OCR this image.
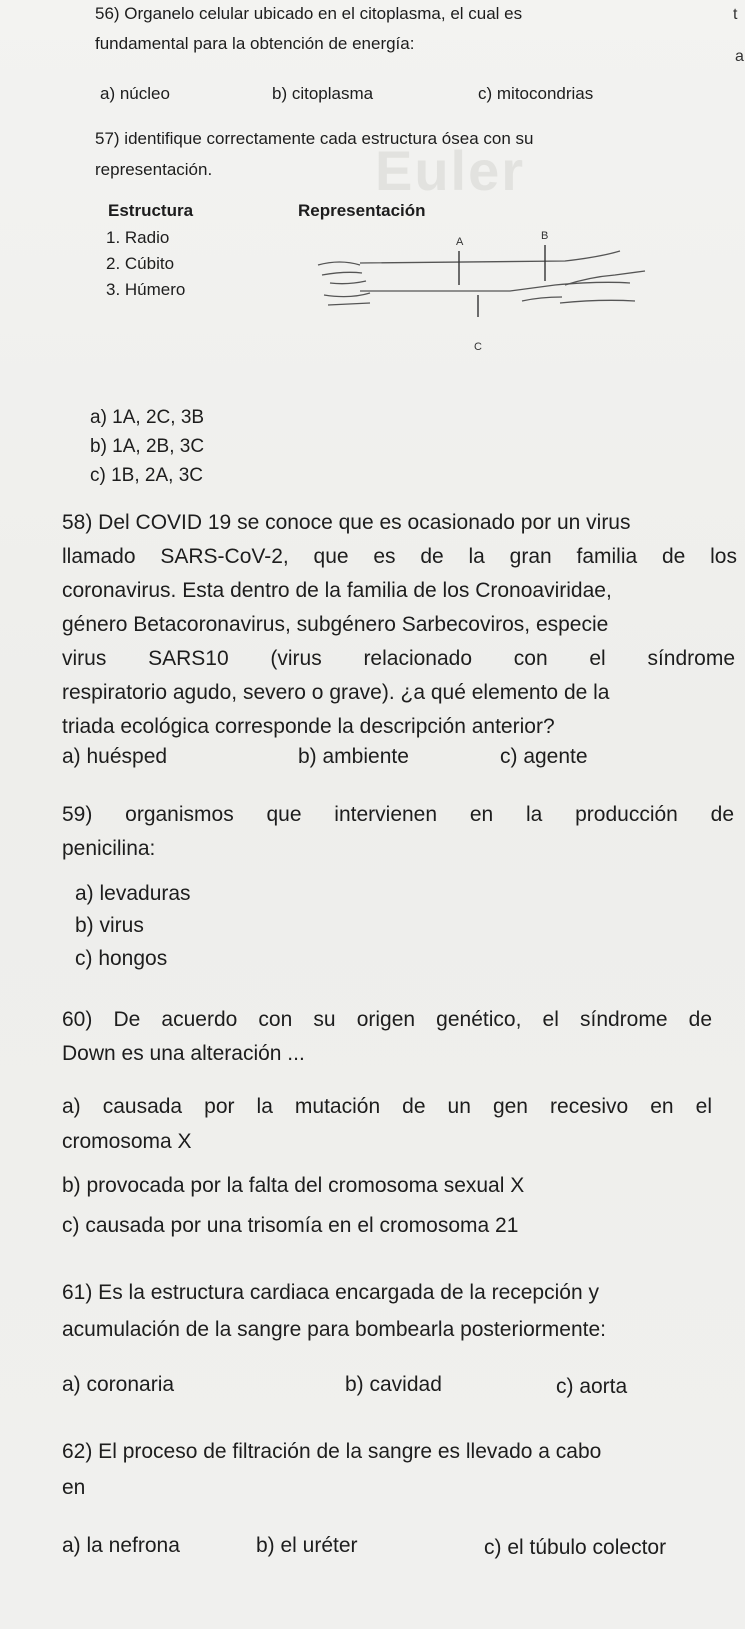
Euler
t
a
56) Organelo celular ubicado en el citoplasma, el cual es
fundamental para la obtención de energía:
a) núcleo	b) citoplasma	c) mitocondrias
57) identifique correctamente cada estructura ósea con su
representación.
Estructura	Representación
1. Radio
2. Cúbito
3. Húmero
A	B
C
a) 1A, 2C, 3B
b) 1A, 2B, 3C
c) 1B, 2A, 3C
58) Del COVID 19 se conoce que es ocasionado por un virus
llamado SARS-CoV-2, que es de la gran familia de los
coronavirus. Esta dentro de la familia de los Cronoaviridae,
género Betacoronavirus, subgénero Sarbecoviros, especie
virus SARS10 (virus relacionado con el síndrome
respiratorio agudo, severo o grave). ¿a qué elemento de la
triada ecológica corresponde la descripción anterior?
a) huésped	b) ambiente	c) agente
59) organismos que intervienen en la producción de
penicilina:
a) levaduras
b) virus
c) hongos
60) De acuerdo con su origen genético, el síndrome de
Down es una alteración ...
a) causada por la mutación de un gen recesivo en el
cromosoma X
b) provocada por la falta del cromosoma sexual X
c) causada por una trisomía en el cromosoma 21
61) Es la estructura cardiaca encargada de la recepción y
acumulación de la sangre para bombearla posteriormente:
a) coronaria	b) cavidad	c) aorta
62) El proceso de filtración de la sangre es llevado a cabo
en
a) la nefrona	b) el uréter	c) el túbulo colector
